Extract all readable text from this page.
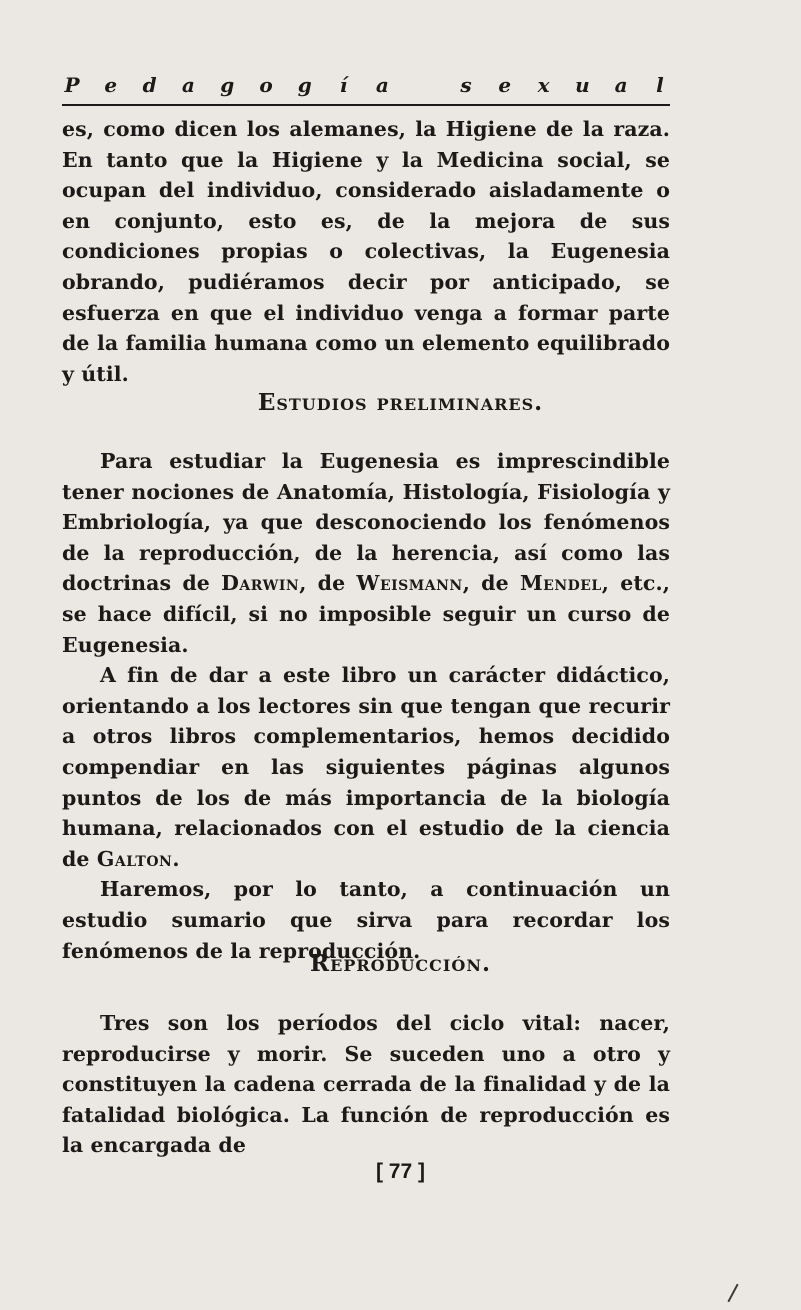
P e d a g o g	í	a	s e x u a	l

es, como dicen los alemanes, la Higiene de la raza. En tanto que la Higiene y la Medicina social, se ocupan del individuo, considerado aisladamente o en conjunto, esto es, de la mejora de sus condiciones propias o colectivas, la Eugenesia obrando, pudiéramos decir por anticipado, se esfuerza en que el individuo venga a formar parte de la familia humana como un elemento equilibrado y útil.

Estudios preliminares.

Para estudiar la Eugenesia es imprescindible tener nociones de Anatomía, Histología, Fisiología y Embriología, ya que desconociendo los fenómenos de la reproducción, de la herencia, así como las doctrinas de Darwin, de Weismann, de Mendel, etc., se hace difícil, si no imposible seguir un curso de Eugenesia.

A fin de dar a este libro un carácter didáctico, orientando a los lectores sin que tengan que recurir a otros libros complementarios, hemos decidido compendiar en las siguientes páginas algunos puntos de los de más importancia de la biología humana, relacionados con el estudio de la ciencia de Galton.

Haremos, por lo tanto, a continuación un estudio sumario que sirva para recordar los fenómenos de la reproducción.

Reproducción.

Tres son los períodos del ciclo vital: nacer, reproducirse y morir. Se suceden uno a otro y constituyen la cadena cerrada de la finalidad y de la fatalidad biológica. La función de reproducción es la encargada de

[ 77 ]
